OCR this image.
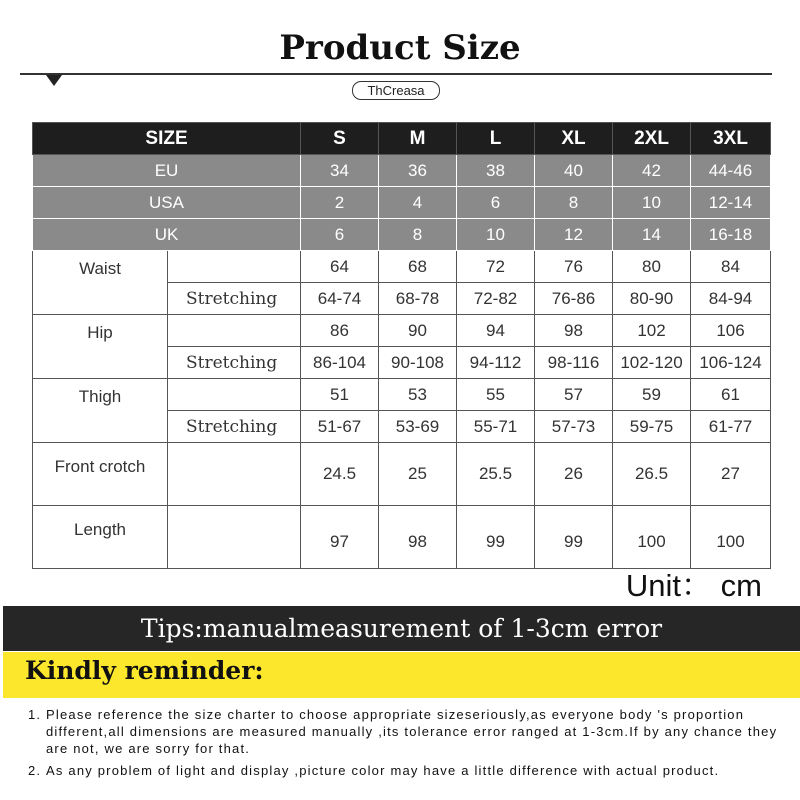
Product Size
ThCreasa
SIZE		S	M	L	XL	2XL	3XL
EU		34	36	38	40	42	44-46
USA		2	4	6	8	10	12-14
UK		6	8	10	12	14	16-18
Waist		64	68	72	76	80	84
	Stretching	64-74	68-78	72-82	76-86	80-90	84-94
Hip		86	90	94	98	102	106
	Stretching	86-104	90-108	94-112	98-116	102-120	106-124
Thigh		51	53	55	57	59	61
	Stretching	51-67	53-69	55-71	57-73	59-75	61-77
Front crotch		24.5	25	25.5	26	26.5	27
Length		97	98	99	99	100	100
Unit： cm
Tips:manualmeasurement of 1-3cm error
Kindly reminder:
1. Please reference the size charter to choose appropriate sizeseriously,as everyone body 's proportion different,all dimensions are measured manually ,its tolerance error ranged at 1-3cm.If by any chance they are not, we are sorry for that.
2. As any problem of light and display ,picture color may have a little difference with actual product.
